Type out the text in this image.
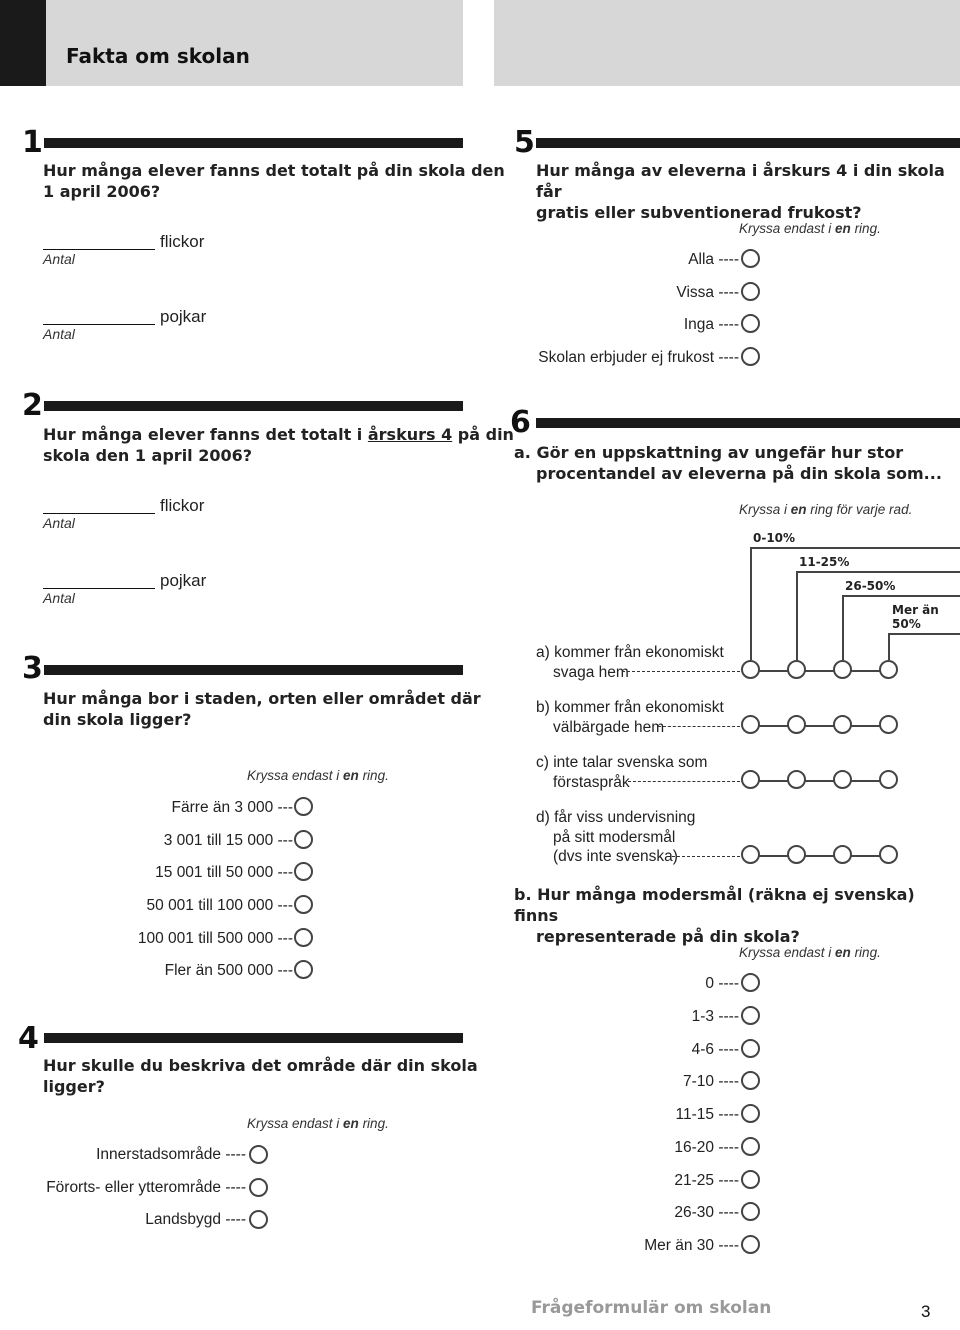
Fakta om skolan
1
Hur många elever fanns det totalt på din skola den
1 april 2006?
flickor
Antal
pojkar
Antal
2
Hur många elever fanns det totalt i årskurs 4 på din
skola den 1 april 2006?
flickor
Antal
pojkar
Antal
3
Hur många bor i staden, orten eller området där
din skola ligger?
Kryssa endast i en ring.
Färre än 3 000 ---
3 001 till 15 000 ---
15 001 till 50 000 ---
50 001 till 100 000 ---
100 001 till 500 000 ---
Fler än 500 000 ---
4
Hur skulle du beskriva det område där din skola
ligger?
Kryssa endast i en ring.
Innerstadsområde ----
Förorts- eller ytterområde ----
Landsbygd ----
5
Hur många av eleverna i årskurs 4 i din skola får
gratis eller subventionerad frukost?
Kryssa endast i en ring.
Alla ----
Vissa ----
Inga ----
Skolan erbjuder ej frukost ----
6
a. Gör en uppskattning av ungefär hur stor
procentandel av eleverna på din skola som...
Kryssa i en ring för varje rad.
0-10%
11-25%
26-50%
Mer än
50%
a) kommer från ekonomiskt
svaga hem
b) kommer från ekonomiskt
välbärgade hem
c) inte talar svenska som
förstaspråk
d) får viss undervisning
på sitt modersmål
(dvs inte svenska)
b. Hur många modersmål (räkna ej svenska) finns
representerade på din skola?
Kryssa endast i en ring.
0 ----
1-3 ----
4-6 ----
7-10 ----
11-15 ----
16-20 ----
21-25 ----
26-30 ----
Mer än 30 ----
Frågeformulär om skolan	3
